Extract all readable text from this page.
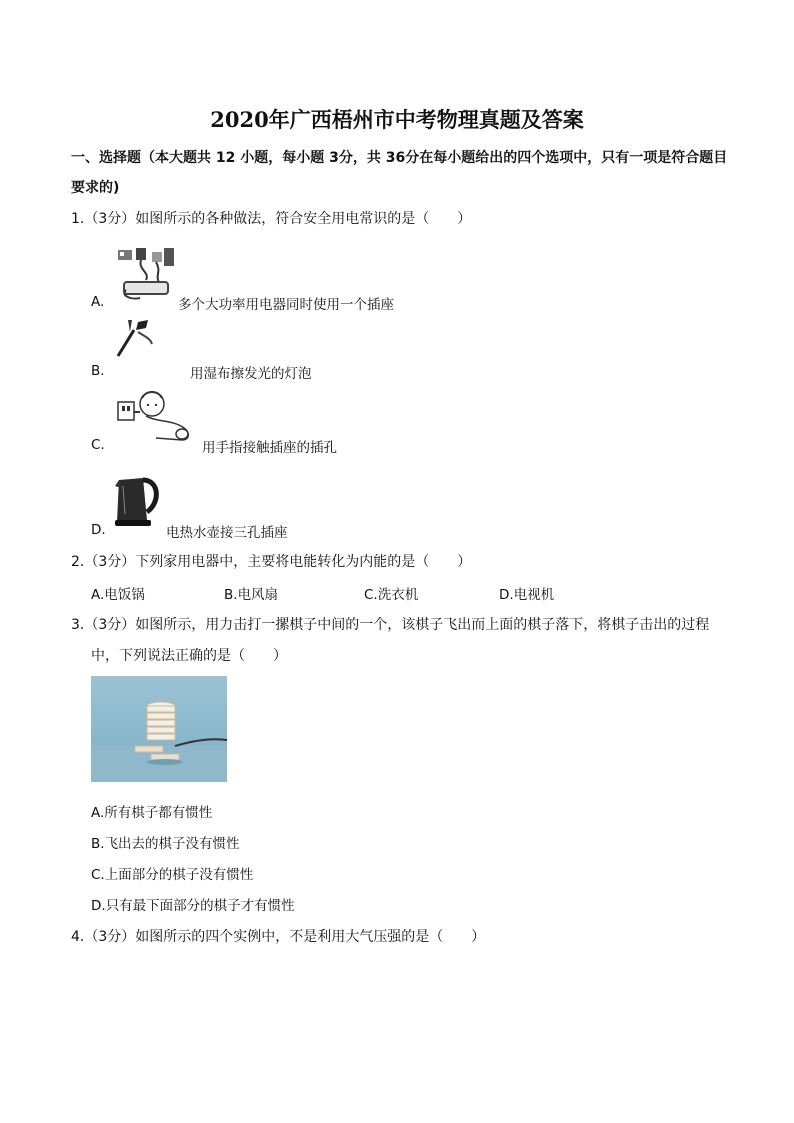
2020年广西梧州市中考物理真题及答案
一、选择题（本大题共 12 小题，每小题 3分，共 36分在每小题给出的四个选项中，只有一项是符合题目
要求的)
1.（3分）如图所示的各种做法，符合安全用电常识的是（　　）
A.	多个大功率用电器同时使用一个插座
B.	用湿布擦发光的灯泡
C.	用手指接触插座的插孔
D.	电热水壶接三孔插座
2.（3分）下列家用电器中，主要将电能转化为内能的是（　　）
A.电饭锅	B.电风扇	C.洗衣机	D.电视机
3.（3分）如图所示，用力击打一摞棋子中间的一个，该棋子飞出而上面的棋子落下，将棋子击出的过程
中，下列说法正确的是（　　）
A.所有棋子都有惯性
B.飞出去的棋子没有惯性
C.上面部分的棋子没有惯性
D.只有最下面部分的棋子才有惯性
4.（3分）如图所示的四个实例中，不是利用大气压强的是（　　）
